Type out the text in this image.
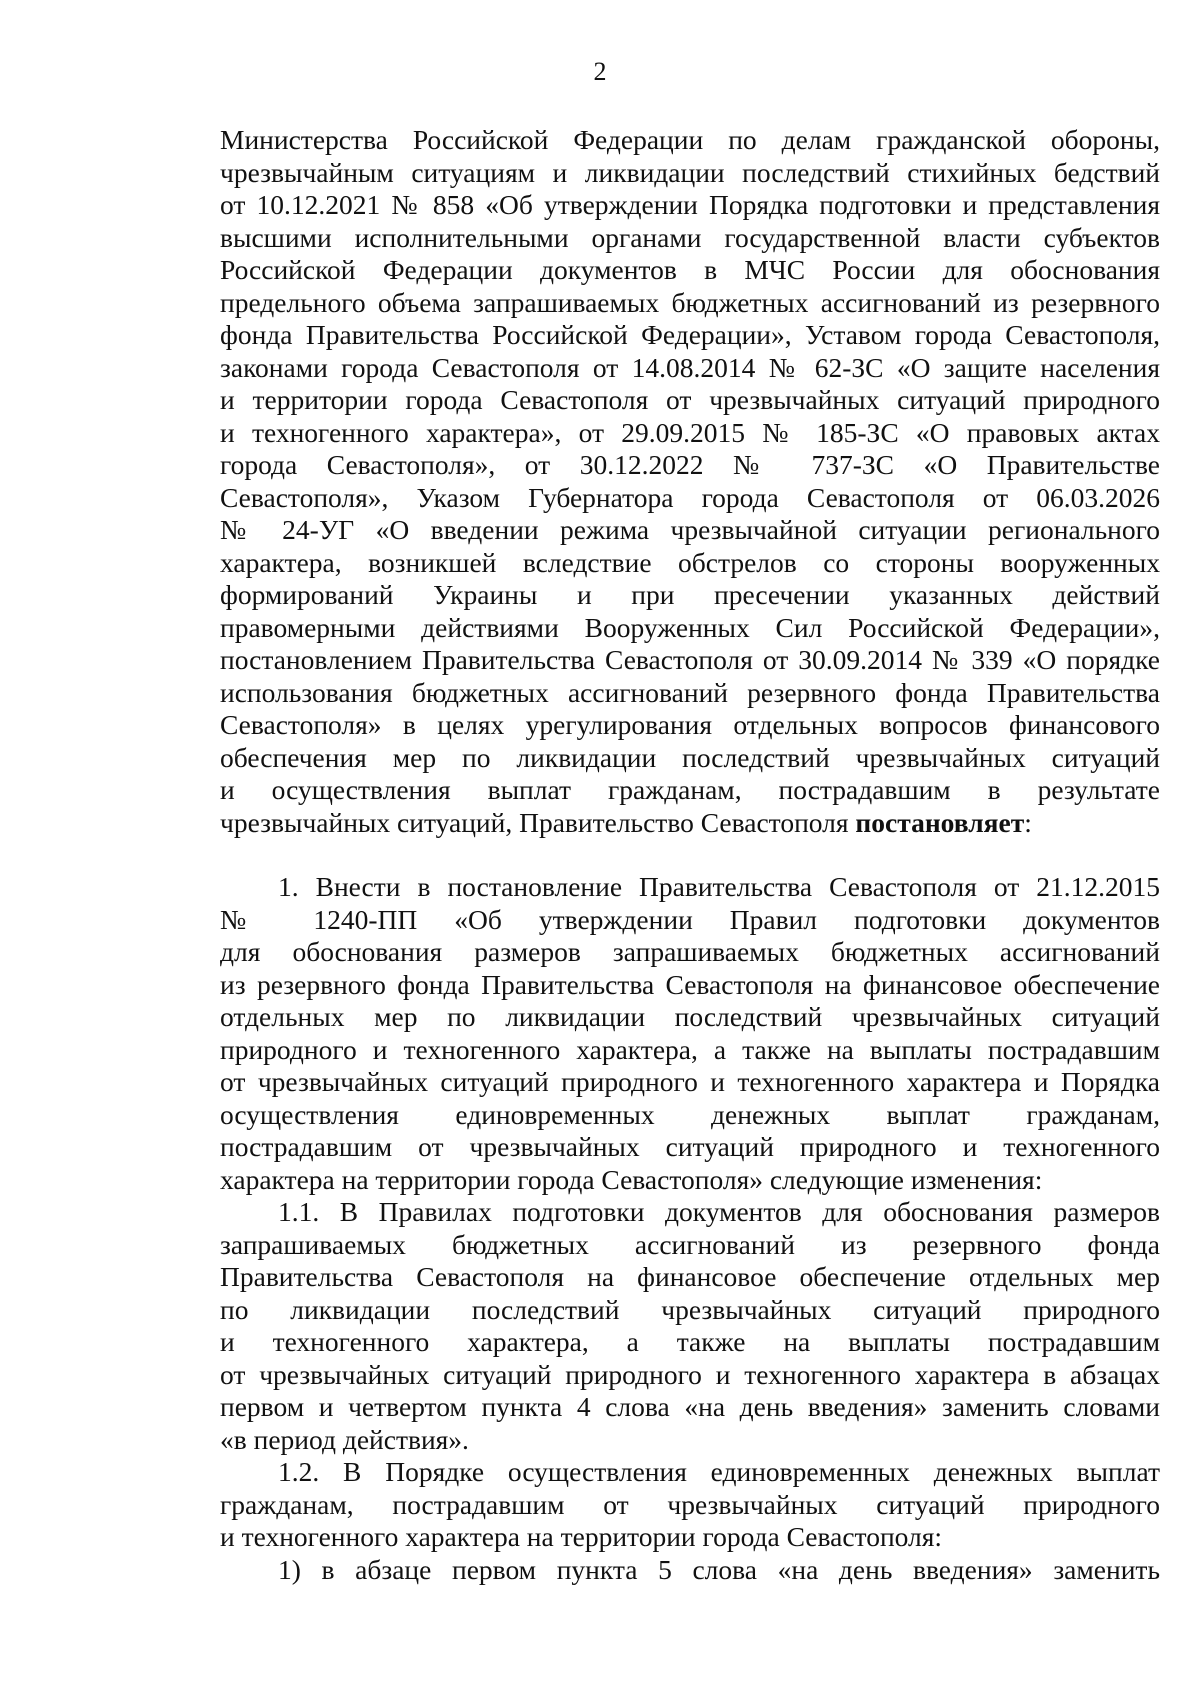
2

Министерства Российской Федерации по делам гражданской обороны,
чрезвычайным ситуациям и ликвидации последствий стихийных бедствий
от 10.12.2021 № 858 «Об утверждении Порядка подготовки и представления
высшими исполнительными органами государственной власти субъектов
Российской Федерации документов в МЧС России для обоснования
предельного объема запрашиваемых бюджетных ассигнований из резервного
фонда Правительства Российской Федерации», Уставом города Севастополя,
законами города Севастополя от 14.08.2014 № 62-ЗС «О защите населения
и территории города Севастополя от чрезвычайных ситуаций природного
и техногенного характера», от 29.09.2015 № 185-ЗС «О правовых актах
города Севастополя», от 30.12.2022 № 737-ЗС «О Правительстве
Севастополя», Указом Губернатора города Севастополя от 06.03.2026
№ 24-УГ «О введении режима чрезвычайной ситуации регионального
характера, возникшей вследствие обстрелов со стороны вооруженных
формирований Украины и при пресечении указанных действий
правомерными действиями Вооруженных Сил Российской Федерации»,
постановлением Правительства Севастополя от 30.09.2014 № 339 «О порядке
использования бюджетных ассигнований резервного фонда Правительства
Севастополя» в целях урегулирования отдельных вопросов финансового
обеспечения мер по ликвидации последствий чрезвычайных ситуаций
и осуществления выплат гражданам, пострадавшим в результате
чрезвычайных ситуаций, Правительство Севастополя постановляет:

1. Внести в постановление Правительства Севастополя от 21.12.2015
№ 1240-ПП «Об утверждении Правил подготовки документов
для обоснования размеров запрашиваемых бюджетных ассигнований
из резервного фонда Правительства Севастополя на финансовое обеспечение
отдельных мер по ликвидации последствий чрезвычайных ситуаций
природного и техногенного характера, а также на выплаты пострадавшим
от чрезвычайных ситуаций природного и техногенного характера и Порядка
осуществления единовременных денежных выплат гражданам,
пострадавшим от чрезвычайных ситуаций природного и техногенного
характера на территории города Севастополя» следующие изменения:

1.1. В Правилах подготовки документов для обоснования размеров
запрашиваемых бюджетных ассигнований из резервного фонда
Правительства Севастополя на финансовое обеспечение отдельных мер
по ликвидации последствий чрезвычайных ситуаций природного
и техногенного характера, а также на выплаты пострадавшим
от чрезвычайных ситуаций природного и техногенного характера в абзацах
первом и четвертом пункта 4 слова «на день введения» заменить словами
«в период действия».

1.2. В Порядке осуществления единовременных денежных выплат
гражданам, пострадавшим от чрезвычайных ситуаций природного
и техногенного характера на территории города Севастополя:

1) в абзаце первом пункта 5 слова «на день введения» заменить
